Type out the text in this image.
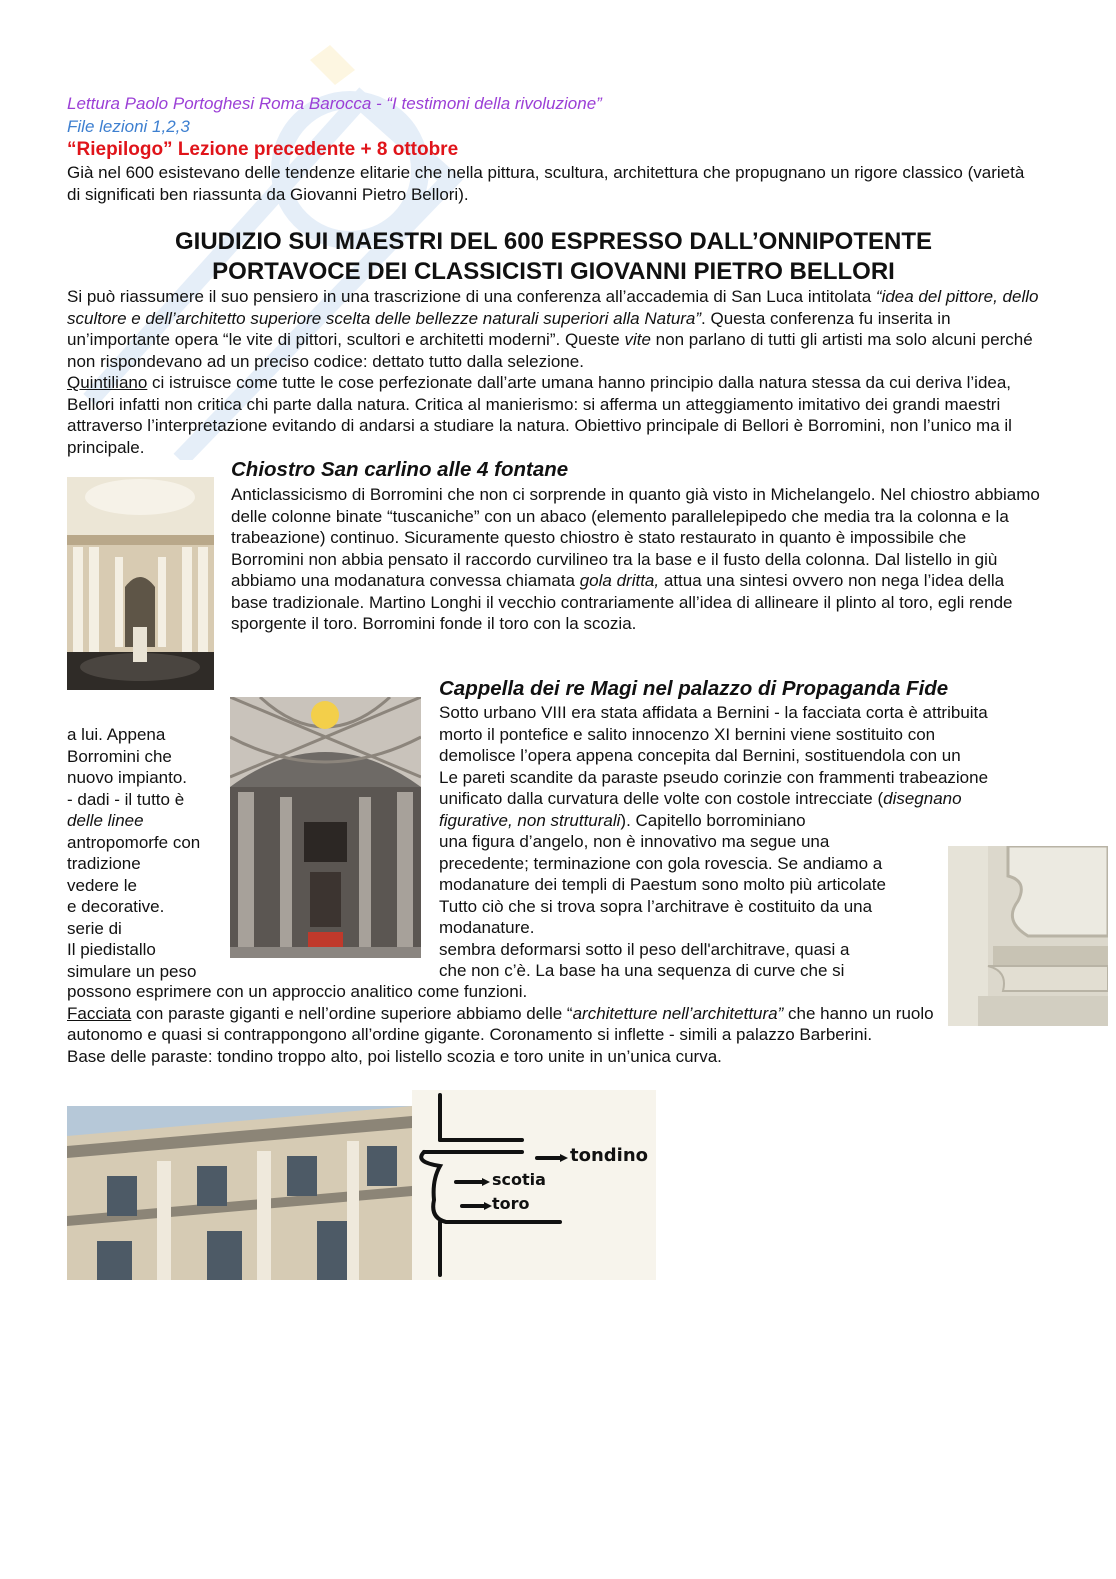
Lettura Paolo Portoghesi Roma Barocca - “I testimoni della rivoluzione”

File lezioni 1,2,3

“Riepilogo” Lezione precedente + 8 ottobre

Già nel 600 esistevano delle tendenze elitarie che nella pittura, scultura, architettura che propugnano un rigore classico (varietà di significati ben riassunta da Giovanni Pietro Bellori).

GIUDIZIO SUI MAESTRI DEL 600 ESPRESSO DALL’ONNIPOTENTE
PORTAVOCE DEI CLASSICISTI GIOVANNI PIETRO BELLORI

Si può riassumere il suo pensiero in una trascrizione di una conferenza all’accademia di San Luca intitolata “idea del pittore, dello scultore e dell’architetto superiore scelta delle bellezze naturali superiori alla Natura”. Questa conferenza fu inserita in un’importante opera “le vite di pittori, scultori e architetti moderni”. Queste vite non parlano di tutti gli artisti ma solo alcuni perché non rispondevano ad un preciso codice: dettato tutto dalla selezione.

Quintiliano ci istruisce come tutte le cose perfezionate dall’arte umana hanno principio dalla natura stessa da cui deriva l’idea, Bellori infatti non critica chi parte dalla natura. Critica al manierismo: si afferma un atteggiamento imitativo dei grandi maestri attraverso l’interpretazione evitando di andarsi a studiare la natura. Obiettivo principale di Bellori è Borromini, non l’unico ma il principale.

Chiostro San carlino alle 4 fontane

Anticlassicismo di Borromini che non ci sorprende in quanto già visto in Michelangelo. Nel chiostro abbiamo delle colonne binate “tuscaniche” con un abaco (elemento parallelepipedo che media tra la colonna e la trabeazione) continuo. Sicuramente questo chiostro è stato restaurato in quanto è impossibile che Borromini non abbia pensato il raccordo curvilineo tra la base e il fusto della colonna. Dal listello in giù abbiamo una modanatura convessa chiamata gola dritta, attua una sintesi ovvero non nega l’idea della base tradizionale. Martino Longhi il vecchio contrariamente all’idea di allineare il plinto al toro, egli rende sporgente il toro. Borromini fonde il toro con la scozia.

Cappella dei re Magi nel palazzo di Propaganda Fide

Sotto urbano VIII era stata affidata a Bernini - la facciata corta è attribuita

morto il pontefice e salito innocenzo XI bernini viene sostituito con

demolisce l’opera appena concepita dal Bernini, sostituendola con un

Le pareti scandite da paraste pseudo corinzie con frammenti trabeazione

unificato dalla curvatura delle volte con costole intrecciate (disegnano

figurative, non strutturali). Capitello borrominiano

una figura d’angelo, non è innovativo ma segue una

precedente; terminazione con gola rovescia. Se andiamo a

modanature dei templi di Paestum sono molto più articolate

Tutto ciò che si trova sopra l’architrave è costituito da una

modanature.

sembra deformarsi sotto il peso dell'architrave, quasi a

che non c’è. La base ha una sequenza di curve che si

a lui. Appena

Borromini che

nuovo impianto.

- dadi - il tutto è

delle linee

antropomorfe con

tradizione

vedere le

e decorative.

serie di

Il piedistallo

simulare un peso

possono esprimere con un approccio analitico come funzioni.

Facciata con paraste giganti e nell’ordine superiore abbiamo delle “architetture nell’architettura” che hanno un ruolo autonomo e quasi si contrappongono all’ordine gigante. Coronamento si inflette - simili a palazzo Barberini.

Base delle paraste: tondino troppo alto, poi listello scozia e toro unite in un’unica curva.

tondino
scotia
toro
